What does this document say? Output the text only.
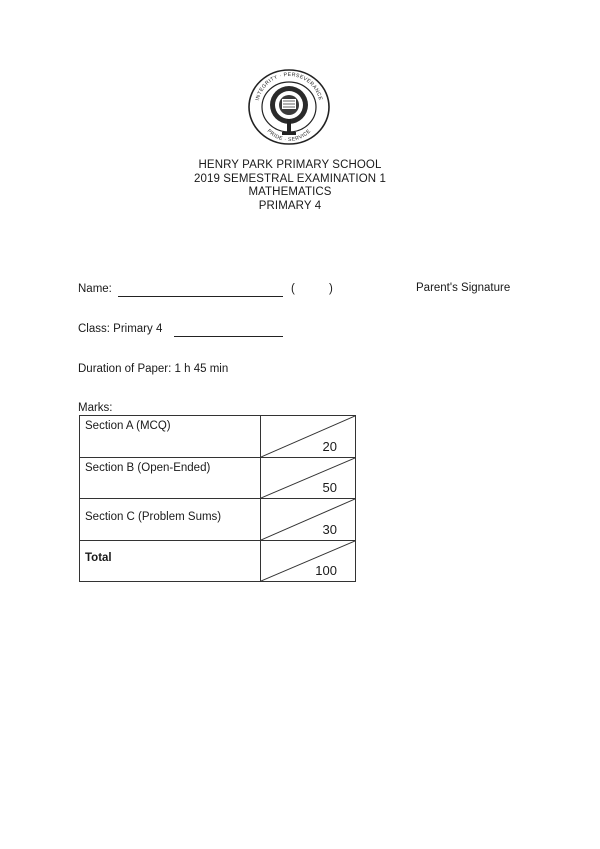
INTEGRITY · PERSEVERANCE
PRIDE · SERVICE
HENRY PARK PRIMARY SCHOOL
2019 SEMESTRAL EXAMINATION 1
MATHEMATICS
PRIMARY 4
Name:	(	)	Parent's Signature
Class: Primary 4
Duration of Paper: 1 h 45 min
Marks:
Section A (MCQ)	20

Section B (Open-Ended)	50

Section C (Problem Sums)	30

Total	100
